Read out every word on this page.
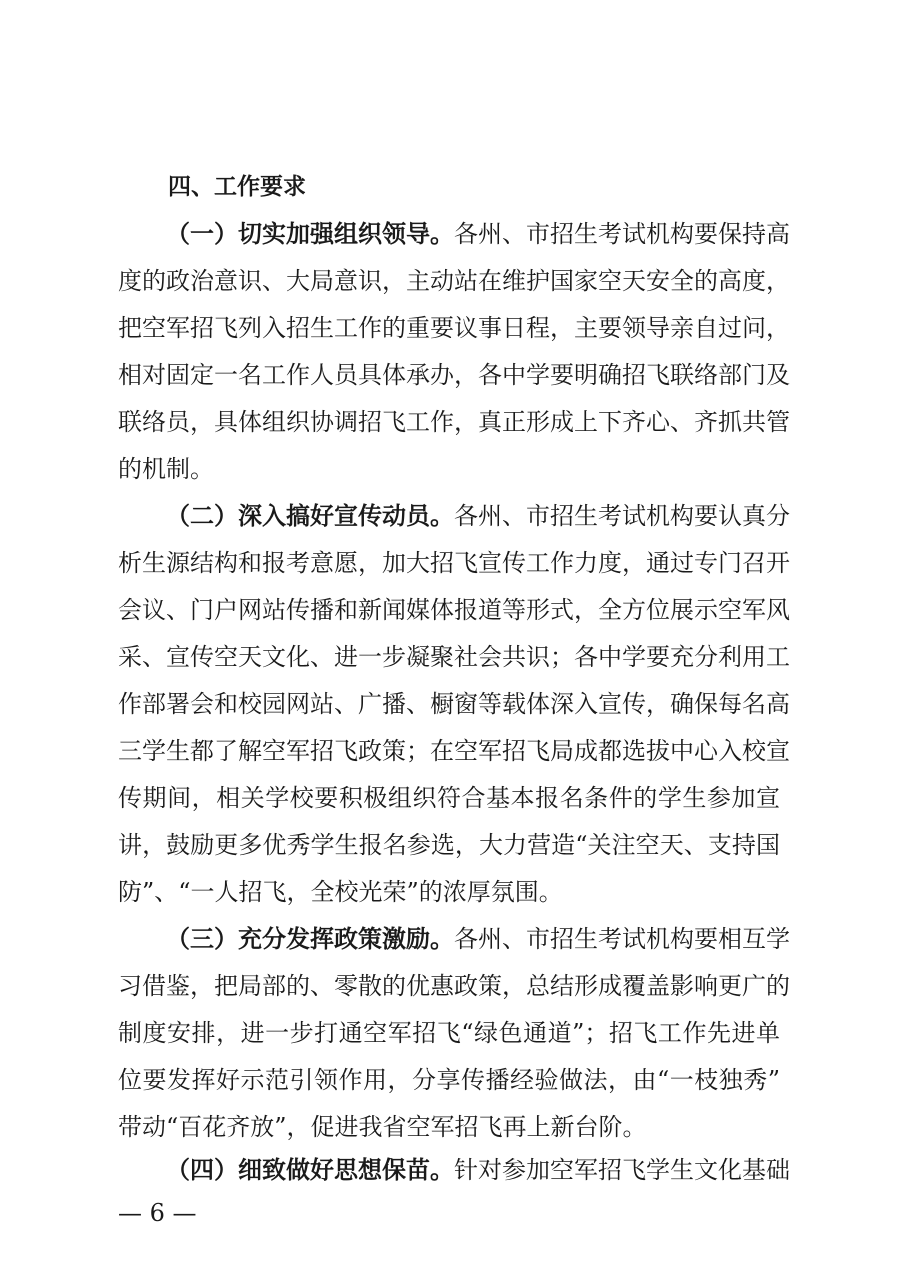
四、工作要求

（一）切实加强组织领导。各州、市招生考试机构要保持高

度的政治意识、大局意识，主动站在维护国家空天安全的高度，

把空军招飞列入招生工作的重要议事日程，主要领导亲自过问，

相对固定一名工作人员具体承办，各中学要明确招飞联络部门及

联络员，具体组织协调招飞工作，真正形成上下齐心、齐抓共管

的机制。

（二）深入搞好宣传动员。各州、市招生考试机构要认真分

析生源结构和报考意愿，加大招飞宣传工作力度，通过专门召开

会议、门户网站传播和新闻媒体报道等形式，全方位展示空军风

采、宣传空天文化、进一步凝聚社会共识；各中学要充分利用工

作部署会和校园网站、广播、橱窗等载体深入宣传，确保每名高

三学生都了解空军招飞政策；在空军招飞局成都选拔中心入校宣

传期间，相关学校要积极组织符合基本报名条件的学生参加宣

讲，鼓励更多优秀学生报名参选，大力营造“关注空天、支持国

防”、“一人招飞，全校光荣”的浓厚氛围。

（三）充分发挥政策激励。各州、市招生考试机构要相互学

习借鉴，把局部的、零散的优惠政策，总结形成覆盖影响更广的

制度安排，进一步打通空军招飞“绿色通道”；招飞工作先进单

位要发挥好示范引领作用，分享传播经验做法，由“一枝独秀”

带动“百花齐放”，促进我省空军招飞再上新台阶。

（四）细致做好思想保苗。针对参加空军招飞学生文化基础

— 6 —
